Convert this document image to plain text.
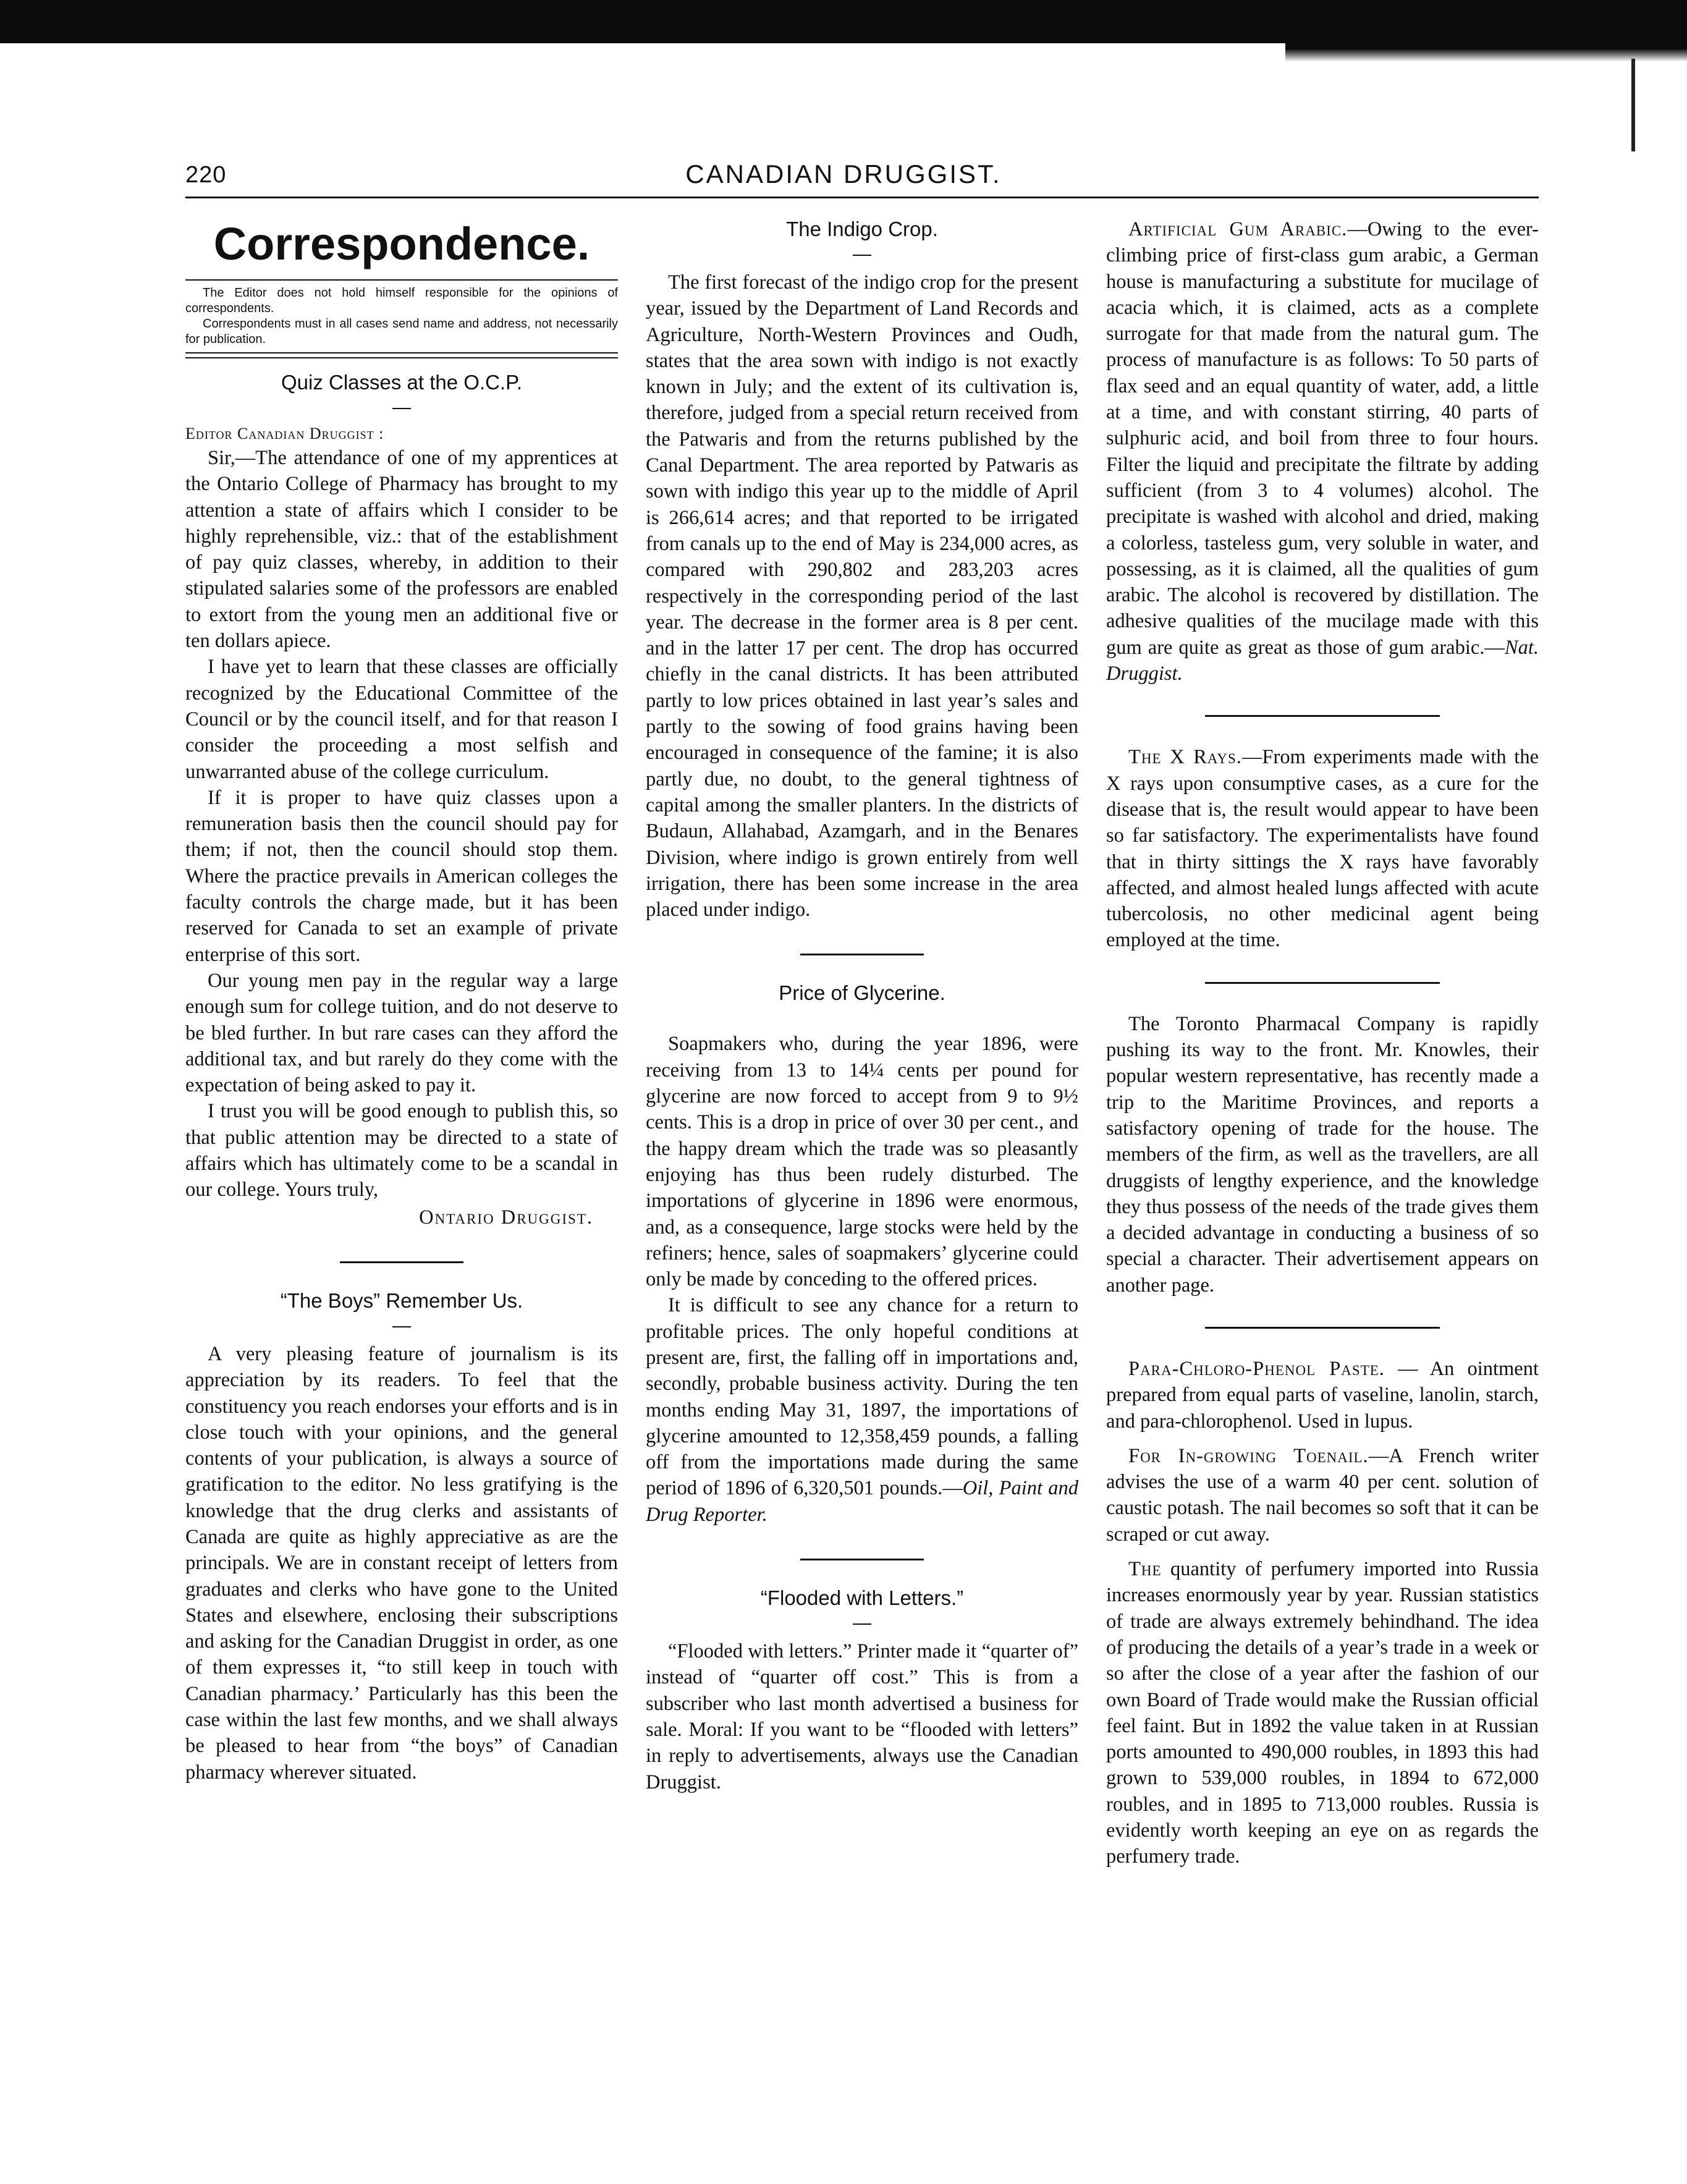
220	CANADIAN DRUGGIST.
Correspondence.

The Editor does not hold himself responsible for the opinions of correspondents.

Correspondents must in all cases send name and address, not necessarily for publication.

Quiz Classes at the O.C.P.

Editor Canadian Druggist :

Sir,—The attendance of one of my apprentices at the Ontario College of Pharmacy has brought to my attention a state of affairs which I consider to be highly reprehensible, viz.: that of the establishment of pay quiz classes, whereby, in addition to their stipulated salaries some of the professors are enabled to extort from the young men an additional five or ten dollars apiece.

I have yet to learn that these classes are officially recognized by the Educational Committee of the Council or by the council itself, and for that reason I consider the proceeding a most selfish and unwarranted abuse of the college curriculum.

If it is proper to have quiz classes upon a remuneration basis then the council should pay for them; if not, then the council should stop them. Where the practice prevails in American colleges the faculty controls the charge made, but it has been reserved for Canada to set an example of private enterprise of this sort.

Our young men pay in the regular way a large enough sum for college tuition, and do not deserve to be bled further. In but rare cases can they afford the additional tax, and but rarely do they come with the expectation of being asked to pay it.

I trust you will be good enough to publish this, so that public attention may be directed to a state of affairs which has ultimately come to be a scandal in our college. Yours truly,

Ontario Druggist.
“The Boys” Remember Us.

A very pleasing feature of journalism is its appreciation by its readers. To feel that the constituency you reach endorses your efforts and is in close touch with your opinions, and the general contents of your publication, is always a source of gratification to the editor. No less gratifying is the knowledge that the drug clerks and assistants of Canada are quite as highly appreciative as are the principals. We are in constant receipt of letters from graduates and clerks who have gone to the United States and elsewhere, enclosing their subscriptions and asking for the Canadian Druggist in order, as one of them expresses it, “to still keep in touch with Canadian pharmacy.’ Particularly has this been the case within the last few months, and we shall always be pleased to hear from “the boys” of Canadian pharmacy wherever situated.

The Indigo Crop.

The first forecast of the indigo crop for the present year, issued by the Department of Land Records and Agriculture, North-Western Provinces and Oudh, states that the area sown with indigo is not exactly known in July; and the extent of its cultivation is, therefore, judged from a special return received from the Patwaris and from the returns published by the Canal Department. The area reported by Patwaris as sown with indigo this year up to the middle of April is 266,614 acres; and that reported to be irrigated from canals up to the end of May is 234,000 acres, as compared with 290,802 and 283,203 acres respectively in the corresponding period of the last year. The decrease in the former area is 8 per cent. and in the latter 17 per cent. The drop has occurred chiefly in the canal districts. It has been attributed partly to low prices obtained in last year’s sales and partly to the sowing of food grains having been encouraged in consequence of the famine; it is also partly due, no doubt, to the general tightness of capital among the smaller planters. In the districts of Budaun, Allahabad, Azamgarh, and in the Benares Division, where indigo is grown entirely from well irrigation, there has been some increase in the area placed under indigo.

Price of Glycerine.

Soapmakers who, during the year 1896, were receiving from 13 to 14¼ cents per pound for glycerine are now forced to accept from 9 to 9½ cents. This is a drop in price of over 30 per cent., and the happy dream which the trade was so pleasantly enjoying has thus been rudely disturbed. The importations of glycerine in 1896 were enormous, and, as a consequence, large stocks were held by the refiners; hence, sales of soapmakers’ glycerine could only be made by conceding to the offered prices.

It is difficult to see any chance for a return to profitable prices. The only hopeful conditions at present are, first, the falling off in importations and, secondly, probable business activity. During the ten months ending May 31, 1897, the importations of glycerine amounted to 12,358,459 pounds, a falling off from the importations made during the same period of 1896 of 6,320,501 pounds.—Oil, Paint and Drug Reporter.

“Flooded with Letters.”

“Flooded with letters.” Printer made it “quarter of” instead of “quarter off cost.” This is from a subscriber who last month advertised a business for sale. Moral: If you want to be “flooded with letters” in reply to advertisements, always use the Canadian Druggist.

Artificial Gum Arabic.—Owing to the ever-climbing price of first-class gum arabic, a German house is manufacturing a substitute for mucilage of acacia which, it is claimed, acts as a complete surrogate for that made from the natural gum. The process of manufacture is as follows: To 50 parts of flax seed and an equal quantity of water, add, a little at a time, and with constant stirring, 40 parts of sulphuric acid, and boil from three to four hours. Filter the liquid and precipitate the filtrate by adding sufficient (from 3 to 4 volumes) alcohol. The precipitate is washed with alcohol and dried, making a colorless, tasteless gum, very soluble in water, and possessing, as it is claimed, all the qualities of gum arabic. The alcohol is recovered by distillation. The adhesive qualities of the mucilage made with this gum are quite as great as those of gum arabic.—Nat. Druggist.

The X Rays.—From experiments made with the X rays upon consumptive cases, as a cure for the disease that is, the result would appear to have been so far satisfactory. The experimentalists have found that in thirty sittings the X rays have favorably affected, and almost healed lungs affected with acute tubercolosis, no other medicinal agent being employed at the time.

The Toronto Pharmacal Company is rapidly pushing its way to the front. Mr. Knowles, their popular western representative, has recently made a trip to the Maritime Provinces, and reports a satisfactory opening of trade for the house. The members of the firm, as well as the travellers, are all druggists of lengthy experience, and the knowledge they thus possess of the needs of the trade gives them a decided advantage in conducting a business of so special a character. Their advertisement appears on another page.

Para-Chloro-Phenol Paste. — An ointment prepared from equal parts of vaseline, lanolin, starch, and para-chlorophenol. Used in lupus.

For In-growing Toenail.—A French writer advises the use of a warm 40 per cent. solution of caustic potash. The nail becomes so soft that it can be scraped or cut away.

The quantity of perfumery imported into Russia increases enormously year by year. Russian statistics of trade are always extremely behindhand. The idea of producing the details of a year’s trade in a week or so after the close of a year after the fashion of our own Board of Trade would make the Russian official feel faint. But in 1892 the value taken in at Russian ports amounted to 490,000 roubles, in 1893 this had grown to 539,000 roubles, in 1894 to 672,000 roubles, and in 1895 to 713,000 roubles. Russia is evidently worth keeping an eye on as regards the perfumery trade.
